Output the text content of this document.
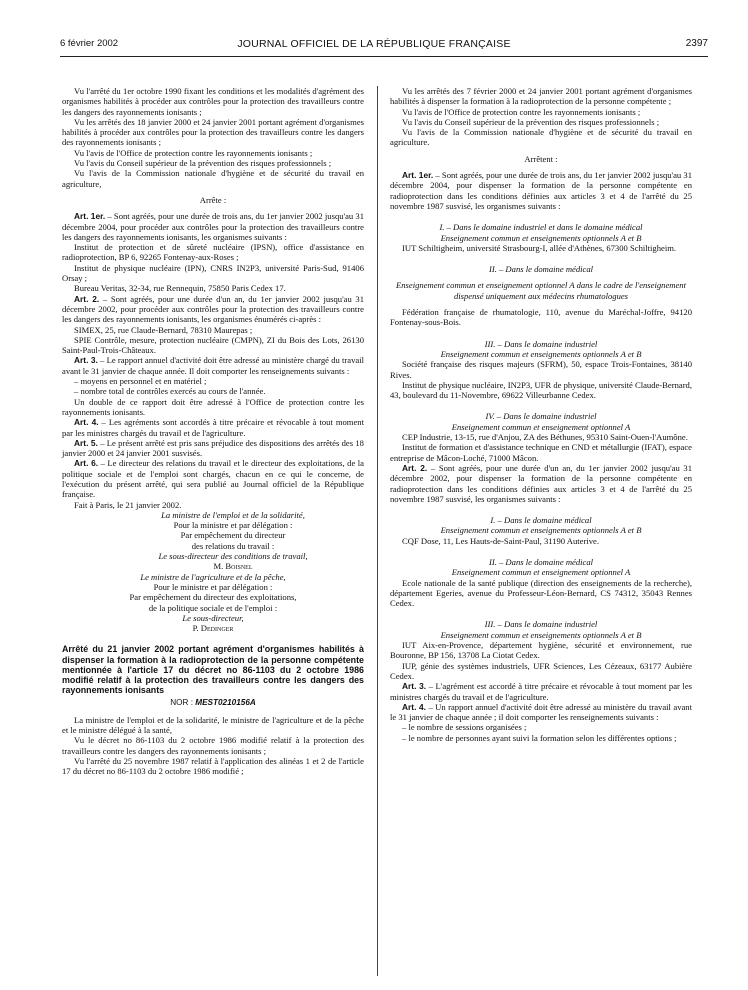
6 février 2002	JOURNAL OFFICIEL DE LA RÉPUBLIQUE FRANÇAISE	2397

Vu l'arrêté du 1er octobre 1990 fixant les conditions et les modalités d'agrément des organismes habilités à procéder aux contrôles pour la protection des travailleurs contre les dangers des rayonnements ionisants ;

Vu les arrêtés des 18 janvier 2000 et 24 janvier 2001 portant agrément d'organismes habilités à procéder aux contrôles pour la protection des travailleurs contre les dangers des rayonnements ionisants ;

Vu l'avis de l'Office de protection contre les rayonnements ionisants ;

Vu l'avis du Conseil supérieur de la prévention des risques professionnels ;

Vu l'avis de la Commission nationale d'hygiène et de sécurité du travail en agriculture,

Arrête :

Art. 1er. – Sont agréés, pour une durée de trois ans, du 1er janvier 2002 jusqu'au 31 décembre 2004, pour procéder aux contrôles pour la protection des travailleurs contre les dangers des rayonnements ionisants, les organismes suivants :

Institut de protection et de sûreté nucléaire (IPSN), office d'assistance en radioprotection, BP 6, 92265 Fontenay-aux-Roses ;

Institut de physique nucléaire (IPN), CNRS IN2P3, université Paris-Sud, 91406 Orsay ;

Bureau Veritas, 32-34, rue Rennequin, 75850 Paris Cedex 17.

Art. 2. – Sont agréés, pour une durée d'un an, du 1er janvier 2002 jusqu'au 31 décembre 2002, pour procéder aux contrôles pour la protection des travailleurs contre les dangers des rayonnements ionisants, les organismes énumérés ci-après :

SIMEX, 25, rue Claude-Bernard, 78310 Maurepas ;

SPIE Contrôle, mesure, protection nucléaire (CMPN), ZI du Bois des Lots, 26130 Saint-Paul-Trois-Châteaux.

Art. 3. – Le rapport annuel d'activité doit être adressé au ministère chargé du travail avant le 31 janvier de chaque année. Il doit comporter les renseignements suivants :

– moyens en personnel et en matériel ;

– nombre total de contrôles exercés au cours de l'année.

Un double de ce rapport doit être adressé à l'Office de protection contre les rayonnements ionisants.

Art. 4. – Les agréments sont accordés à titre précaire et révocable à tout moment par les ministres chargés du travail et de l'agriculture.

Art. 5. – Le présent arrêté est pris sans préjudice des dispositions des arrêtés des 18 janvier 2000 et 24 janvier 2001 susvisés.

Art. 6. – Le directeur des relations du travail et le directeur des exploitations, de la politique sociale et de l'emploi sont chargés, chacun en ce qui le concerne, de l'exécution du présent arrêté, qui sera publié au Journal officiel de la République française.

Fait à Paris, le 21 janvier 2002.

La ministre de l'emploi et de la solidarité,

Pour la ministre et par délégation :

Par empêchement du directeur

des relations du travail :

Le sous-directeur des conditions de travail,

M. Boisnel

Le ministre de l'agriculture et de la pêche,

Pour le ministre et par délégation :

Par empêchement du directeur des exploitations,

de la politique sociale et de l'emploi :

Le sous-directeur,

P. Dedinger

Arrêté du 21 janvier 2002 portant agrément d'organismes habilités à dispenser la formation à la radioprotection de la personne compétente mentionnée à l'article 17 du décret no 86-1103 du 2 octobre 1986 modifié relatif à la protection des travailleurs contre les dangers des rayonnements ionisants

NOR : MEST0210156A

La ministre de l'emploi et de la solidarité, le ministre de l'agriculture et de la pêche et le ministre délégué à la santé,

Vu le décret no 86-1103 du 2 octobre 1986 modifié relatif à la protection des travailleurs contre les dangers des rayonnements ionisants ;

Vu l'arrêté du 25 novembre 1987 relatif à l'application des alinéas 1 et 2 de l'article 17 du décret no 86-1103 du 2 octobre 1986 modifié ;

Vu les arrêtés des 7 février 2000 et 24 janvier 2001 portant agrément d'organismes habilités à dispenser la formation à la radioprotection de la personne compétente ;

Vu l'avis de l'Office de protection contre les rayonnements ionisants ;

Vu l'avis du Conseil supérieur de la prévention des risques professionnels ;

Vu l'avis de la Commission nationale d'hygiène et de sécurité du travail en agriculture.

Arrêtent :

Art. 1er. – Sont agréés, pour une durée de trois ans, du 1er janvier 2002 jusqu'au 31 décembre 2004, pour dispenser la formation de la personne compétente en radioprotection dans les conditions définies aux articles 3 et 4 de l'arrêté du 25 novembre 1987 susvisé, les organismes suivants :

I. – Dans le domaine industriel et dans le domaine médical

Enseignement commun et enseignements optionnels A et B

IUT Schiltigheim, université Strasbourg-I, allée d'Athènes, 67300 Schiltigheim.

II. – Dans le domaine médical

Enseignement commun et enseignement optionnel A dans le cadre de l'enseignement dispensé uniquement aux médecins rhumatologues

Fédération française de rhumatologie, 110, avenue du Maréchal-Joffre, 94120 Fontenay-sous-Bois.

III. – Dans le domaine industriel

Enseignement commun et enseignements optionnels A et B

Société française des risques majeurs (SFRM), 50, espace Trois-Fontaines, 38140 Rives.

Institut de physique nucléaire, IN2P3, UFR de physique, université Claude-Bernard, 43, boulevard du 11-Novembre, 69622 Villeurbanne Cedex.

IV. – Dans le domaine industriel

Enseignement commun et enseignement optionnel A

CEP Industrie, 13-15, rue d'Anjou, ZA des Béthunes, 95310 Saint-Ouen-l'Aumône.

Institut de formation et d'assistance technique en CND et métallurgie (IFAT), espace entreprise de Mâcon-Loché, 71000 Mâcon.

Art. 2. – Sont agréés, pour une durée d'un an, du 1er janvier 2002 jusqu'au 31 décembre 2002, pour dispenser la formation de la personne compétente en radioprotection dans les conditions définies aux articles 3 et 4 de l'arrêté du 25 novembre 1987 susvisé, les organismes suivants :

I. – Dans le domaine médical

Enseignement commun et enseignements optionnels A et B

CQF Dose, 11, Les Hauts-de-Saint-Paul, 31190 Auterive.

II. – Dans le domaine médical

Enseignement commun et enseignement optionnel A

Ecole nationale de la santé publique (direction des enseignements de la recherche), département Egeries, avenue du Professeur-Léon-Bernard, CS 74312, 35043 Rennes Cedex.

III. – Dans le domaine industriel

Enseignement commun et enseignements optionnels A et B

IUT Aix-en-Provence, département hygiène, sécurité et environnement, rue Bouronne, BP 156, 13708 La Ciotat Cedex.

IUP, génie des systèmes industriels, UFR Sciences, Les Cézeaux, 63177 Aubière Cedex.

Art. 3. – L'agrément est accordé à titre précaire et révocable à tout moment par les ministres chargés du travail et de l'agriculture.

Art. 4. – Un rapport annuel d'activité doit être adressé au ministère du travail avant le 31 janvier de chaque année ; il doit comporter les renseignements suivants :

– le nombre de sessions organisées ;

– le nombre de personnes ayant suivi la formation selon les différentes options ;
